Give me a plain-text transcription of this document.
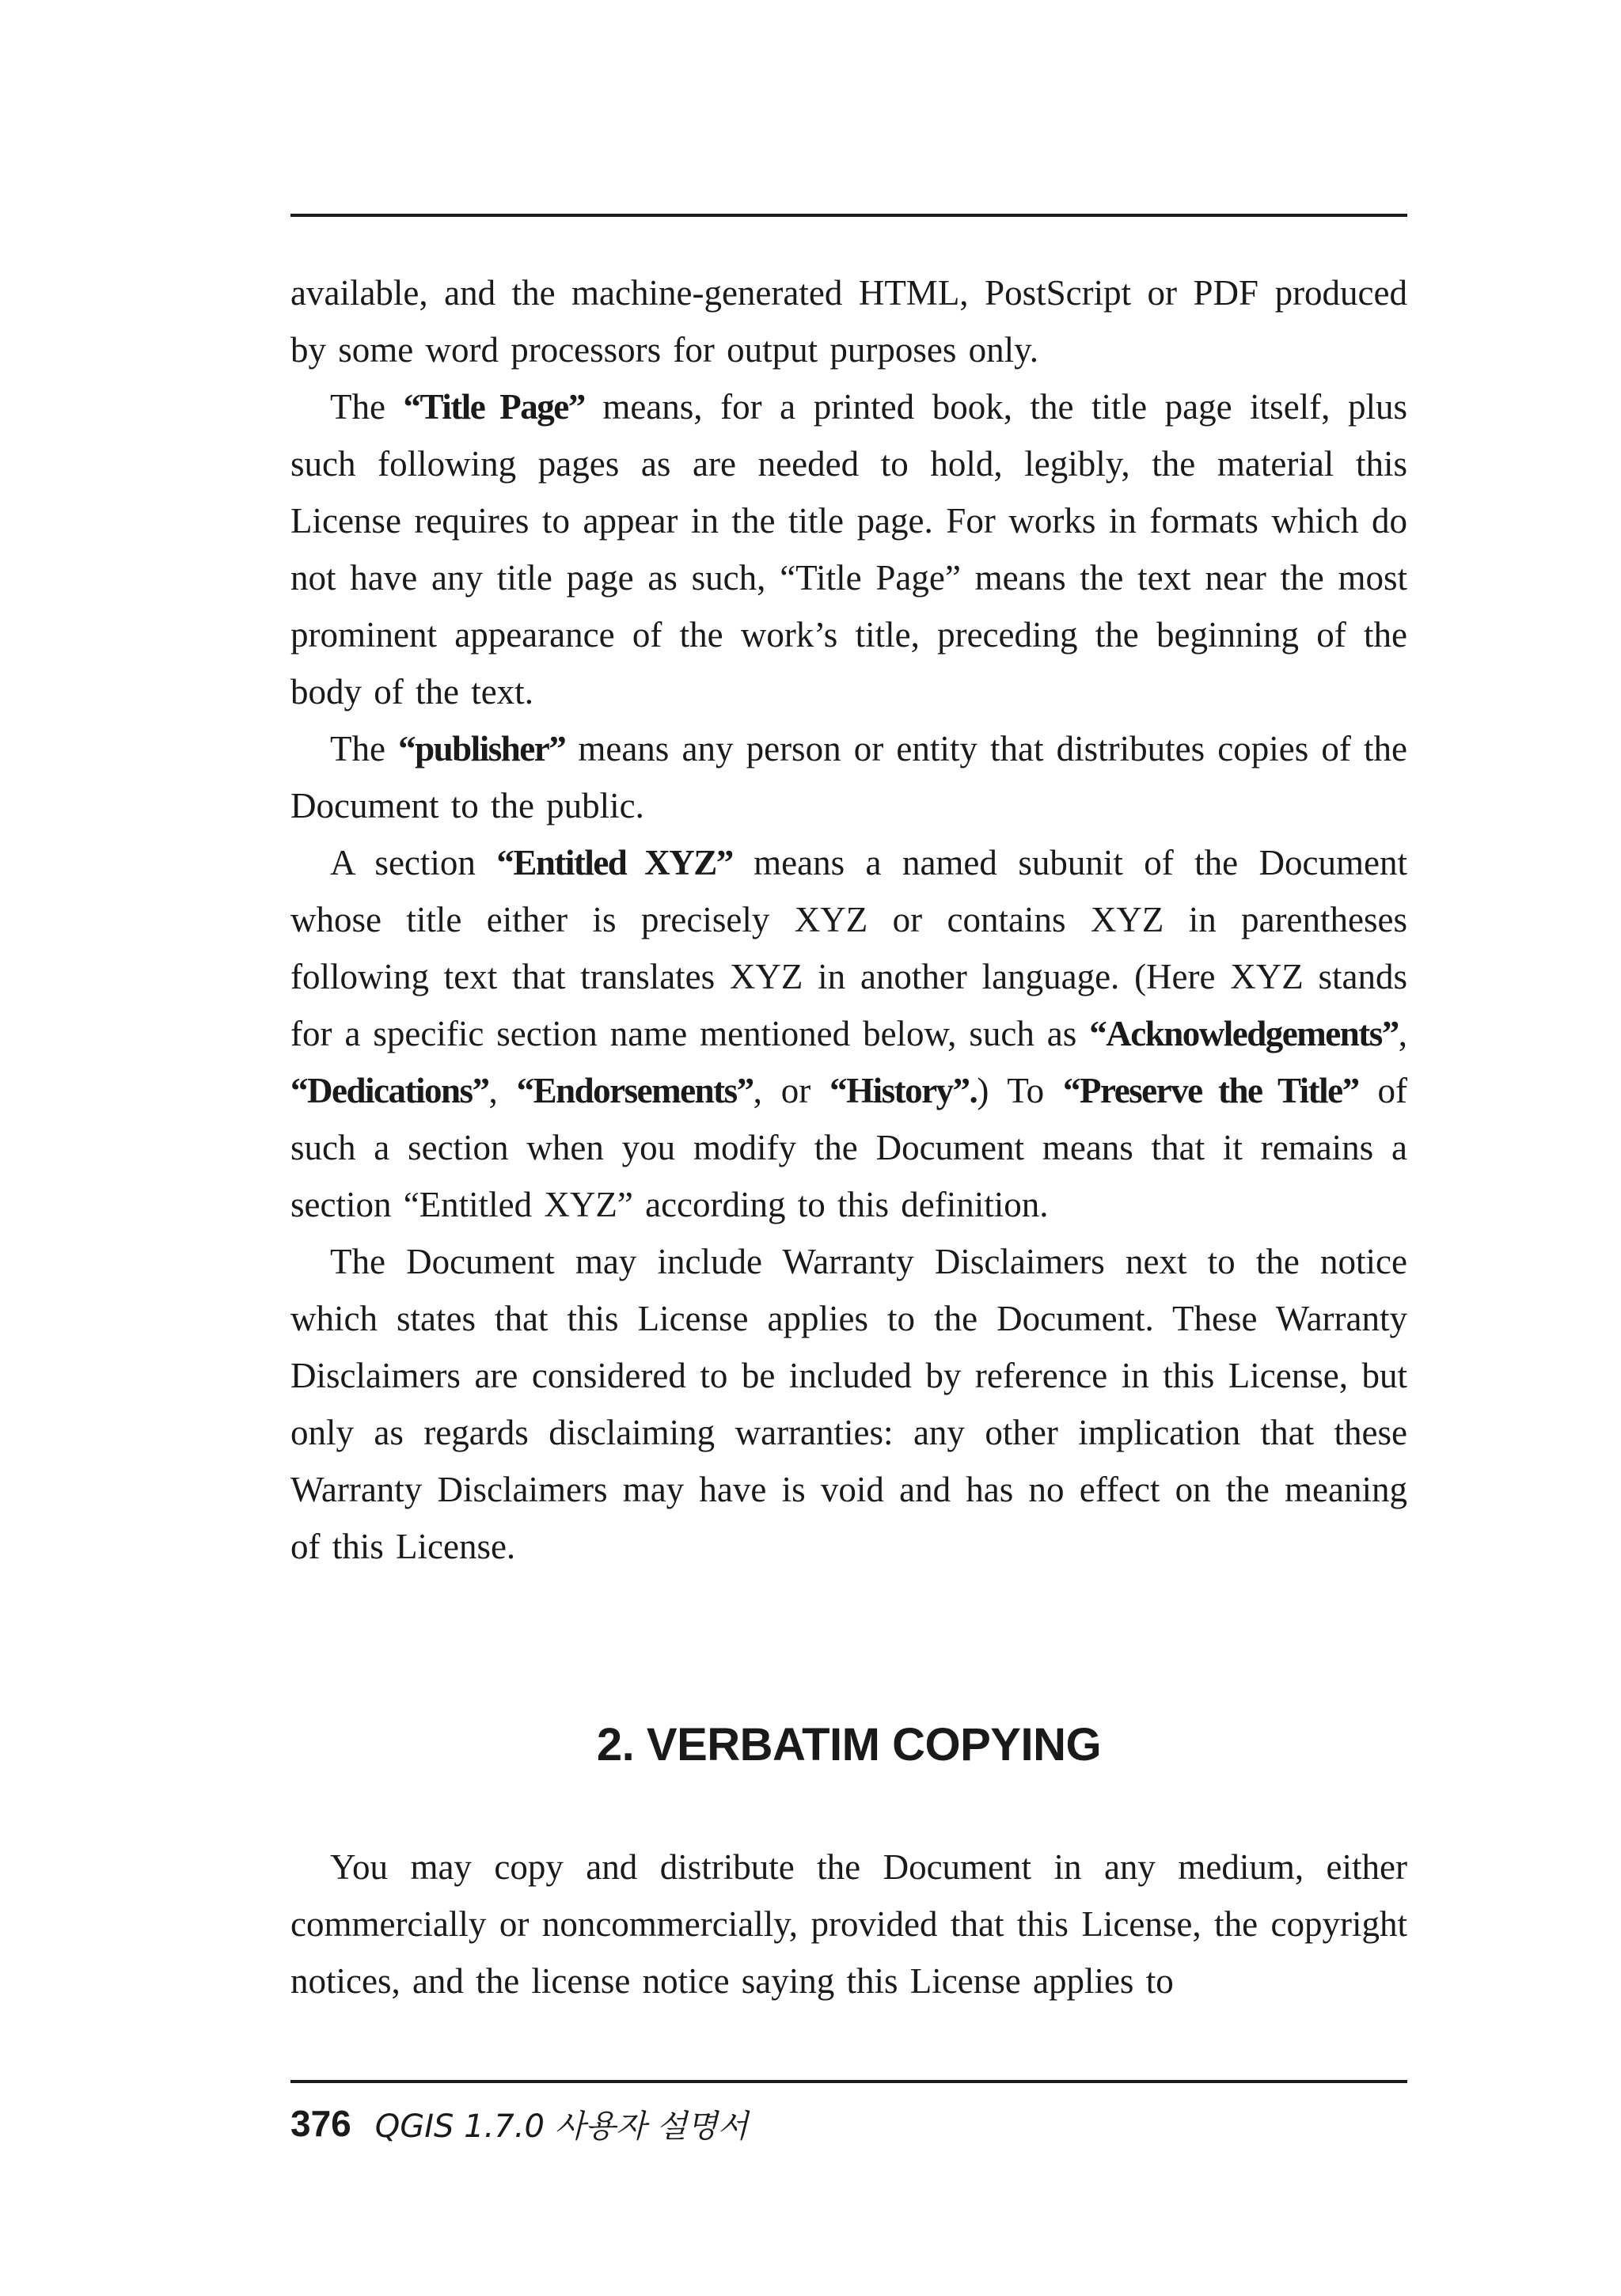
available, and the machine-generated HTML, PostScript or PDF produced by some word processors for output purposes only.

The “Title Page” means, for a printed book, the title page itself, plus such following pages as are needed to hold, legibly, the material this License requires to appear in the title page. For works in formats which do not have any title page as such, “Title Page” means the text near the most prominent appearance of the work’s title, preceding the beginning of the body of the text.

The “publisher” means any person or entity that distributes copies of the Document to the public.

A section “Entitled XYZ” means a named subunit of the Document whose title either is precisely XYZ or contains XYZ in parentheses following text that translates XYZ in another language. (Here XYZ stands for a specific section name mentioned below, such as “Acknowledgements”, “Dedications”, “Endorsements”, or “History”.) To “Preserve the Title” of such a section when you modify the Document means that it remains a section “Entitled XYZ” according to this definition.

The Document may include Warranty Disclaimers next to the notice which states that this License applies to the Document. These Warranty Disclaimers are considered to be included by reference in this License, but only as regards disclaiming warranties: any other implication that these Warranty Disclaimers may have is void and has no effect on the meaning of this License.

2. VERBATIM COPYING

You may copy and distribute the Document in any medium, either commercially or noncommercially, provided that this License, the copyright notices, and the license notice saying this License applies to

376 QGIS 1.7.0 사용자 설명서
